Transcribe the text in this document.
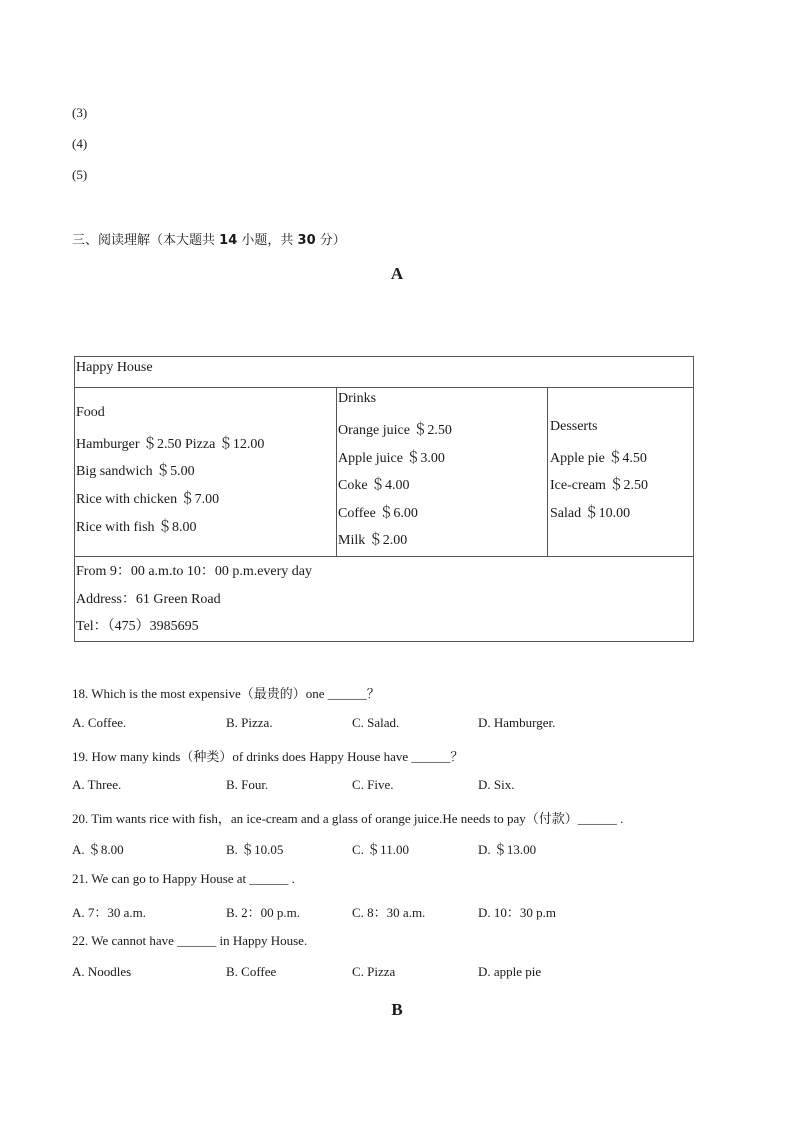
(3)
(4)
(5)
三、阅读理解（本大题共 14 小题，共 30 分）
A
Happy House
Food
Hamburger ＄2.50 Pizza ＄12.00
Big sandwich ＄5.00
Rice with chicken ＄7.00
Rice with fish ＄8.00
Drinks
Orange juice ＄2.50
Apple juice ＄3.00
Coke ＄4.00
Coffee ＄6.00
Milk ＄2.00
Desserts
Apple pie ＄4.50
Ice-cream ＄2.50
Salad ＄10.00
From 9：00 a.m.to 10：00 p.m.every day
Address：61 Green Road
Tel：（475）3985695
18. Which is the most expensive（最贵的）one ______？
A. Coffee.	B. Pizza.	C. Salad.	D. Hamburger.
19. How many kinds（种类）of drinks does Happy House have ______？
A. Three.	B. Four.	C. Five.	D. Six.
20. Tim wants rice with fish，an ice-cream and a glass of orange juice.He needs to pay（付款）______ .
A. ＄8.00	B. ＄10.05	C. ＄11.00	D. ＄13.00
21. We can go to Happy House at ______ .
A. 7：30 a.m.	B. 2：00 p.m.	C. 8：30 a.m.	D. 10：30 p.m
22. We cannot have ______ in Happy House.
A. Noodles	B. Coffee	C. Pizza	D. apple pie
B
